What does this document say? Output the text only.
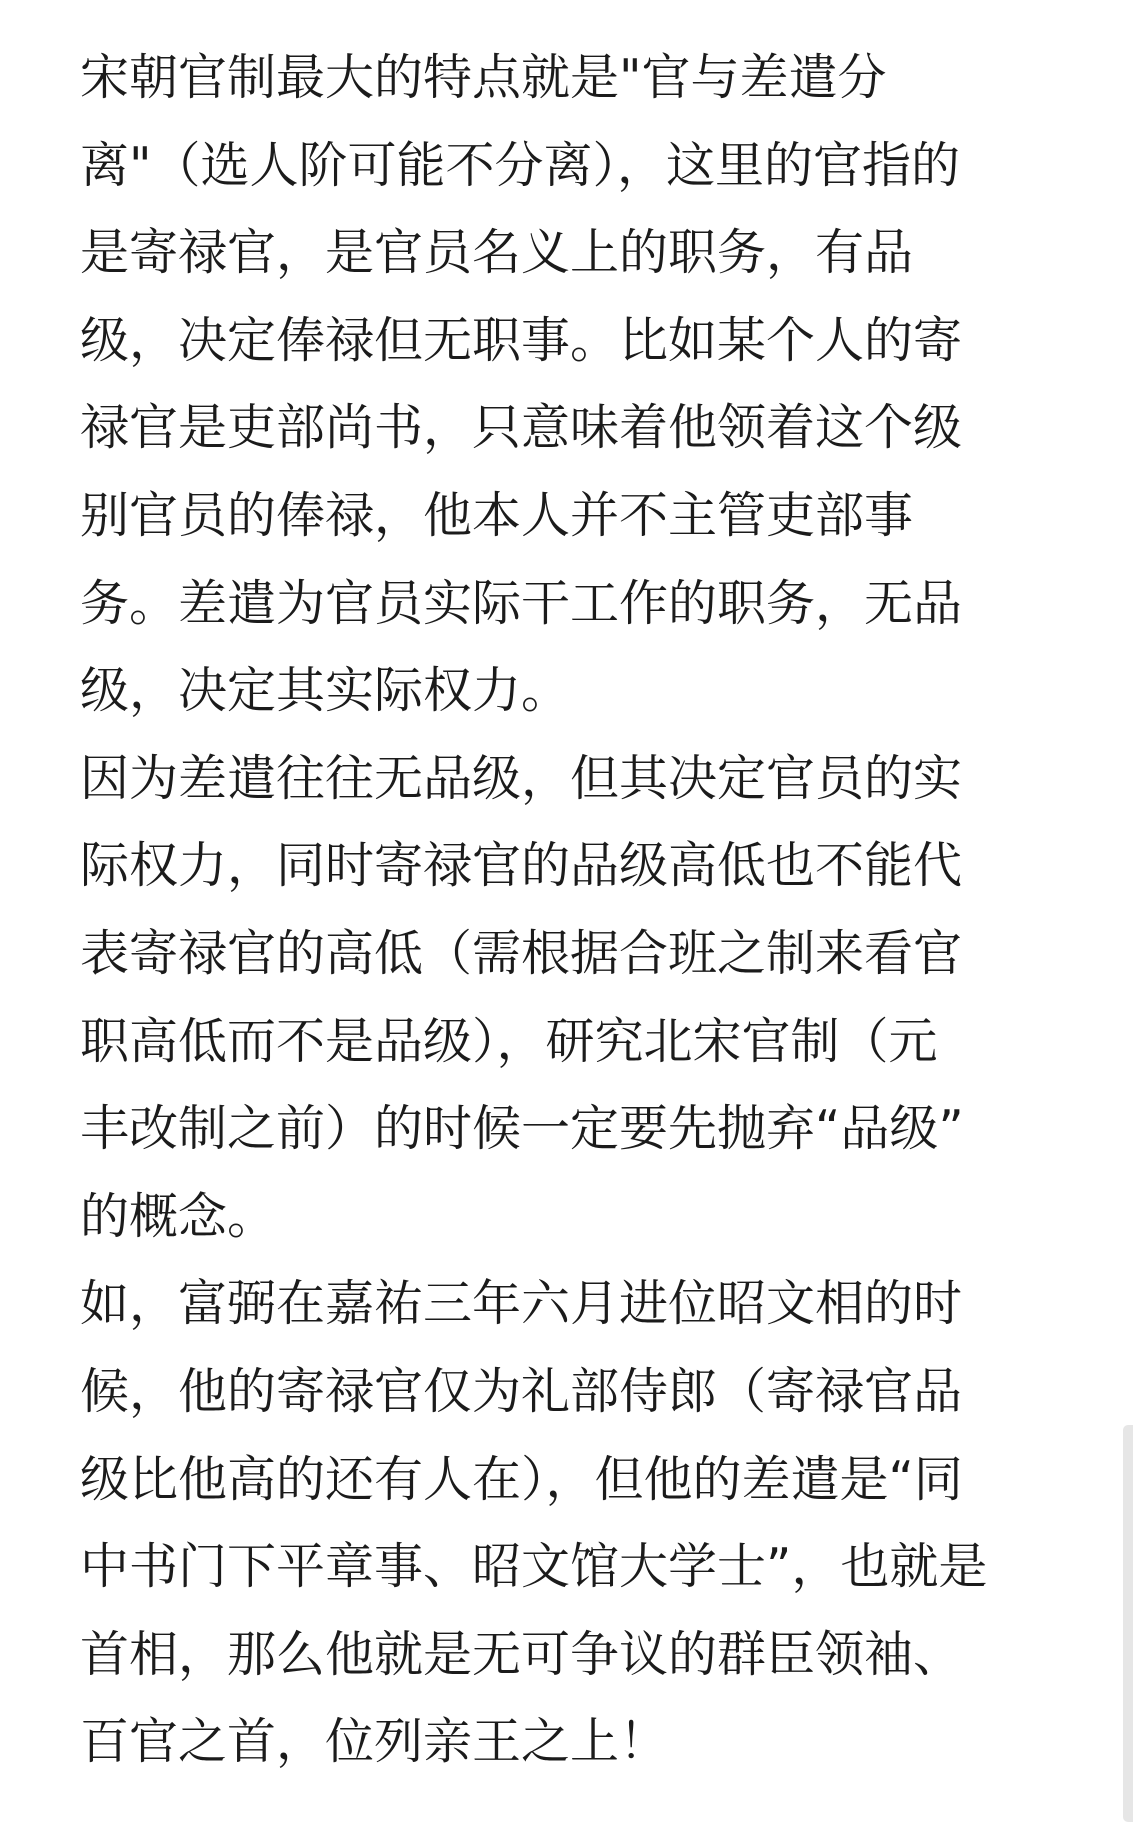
宋朝官制最大的特点就是"官与差遣分
离"（选人阶可能不分离），这里的官指的
是寄禄官，是官员名义上的职务，有品
级，决定俸禄但无职事。比如某个人的寄
禄官是吏部尚书，只意味着他领着这个级
别官员的俸禄，他本人并不主管吏部事
务。差遣为官员实际干工作的职务，无品
级，决定其实际权力。
因为差遣往往无品级，但其决定官员的实
际权力，同时寄禄官的品级高低也不能代
表寄禄官的高低（需根据合班之制来看官
职高低而不是品级），研究北宋官制（元
丰改制之前）的时候一定要先抛弃“品级”
的概念。
如，富弼在嘉祐三年六月进位昭文相的时
候，他的寄禄官仅为礼部侍郎（寄禄官品
级比他高的还有人在），但他的差遣是“同
中书门下平章事、昭文馆大学士”，也就是
首相，那么他就是无可争议的群臣领袖、
百官之首，位列亲王之上！
